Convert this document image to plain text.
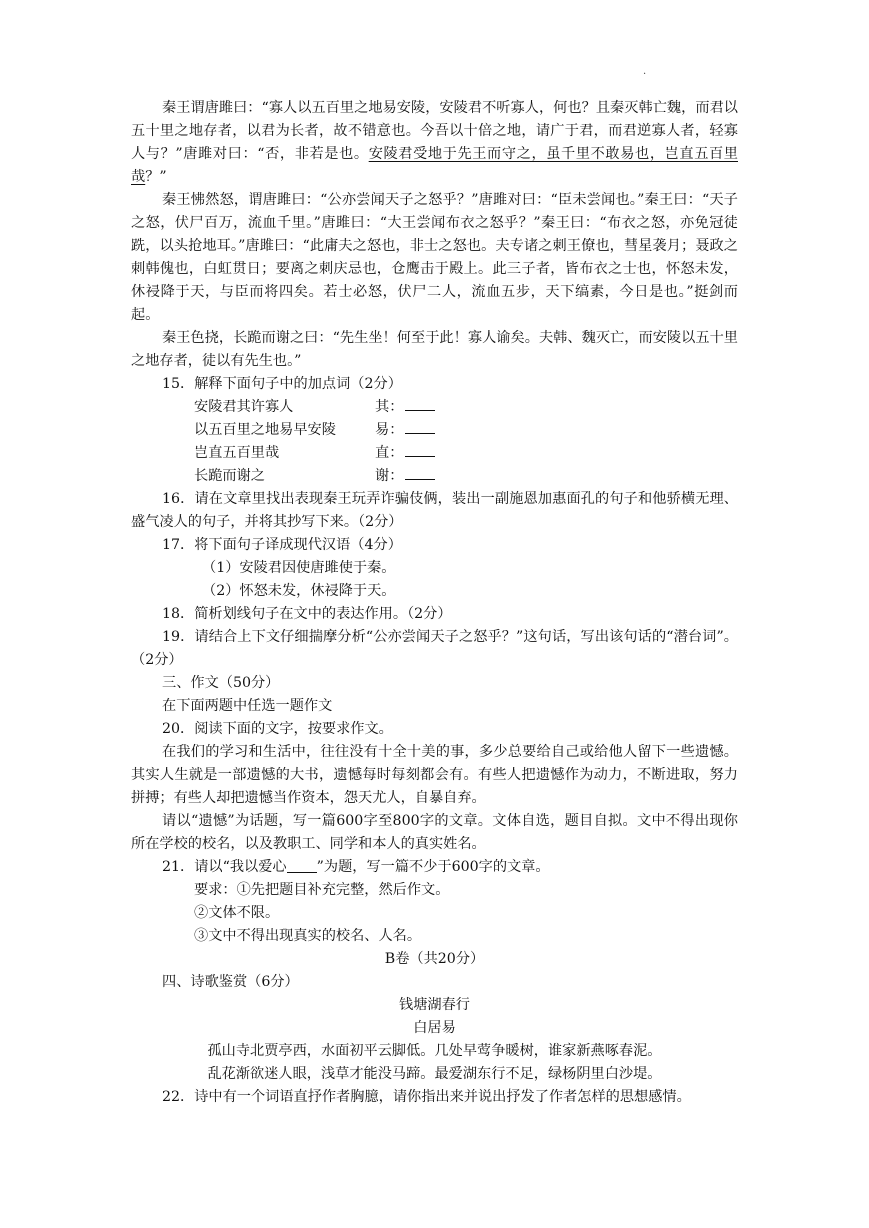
.

秦王谓唐雎曰：“寡人以五百里之地易安陵，安陵君不听寡人，何也？且秦灭韩亡魏，而君以五十里之地存者，以君为长者，故不错意也。今吾以十倍之地，请广于君，而君逆寡人者，轻寡人与？”唐雎对曰：“否，非若是也。安陵君受地于先王而守之，虽千里不敢易也，岂直五百里哉？”

秦王怫然怒，谓唐雎曰：“公亦尝闻天子之怒乎？”唐雎对曰：“臣未尝闻也。”秦王曰：“天子之怒，伏尸百万，流血千里。”唐雎曰：“大王尝闻布衣之怒乎？”秦王曰：“布衣之怒，亦免冠徒跣，以头抢地耳。”唐雎曰：“此庸夫之怒也，非士之怒也。夫专诸之刺王僚也，彗星袭月；聂政之刺韩傀也，白虹贯日；要离之刺庆忌也，仓鹰击于殿上。此三子者，皆布衣之士也，怀怒未发，休祲降于天，与臣而将四矣。若士必怒，伏尸二人，流血五步，天下缟素，今日是也。”挺剑而起。

秦王色挠，长跪而谢之曰：“先生坐！何至于此！寡人谕矣。夫韩、魏灭亡，而安陵以五十里之地存者，徒以有先生也。”

15．解释下面句子中的加点词（2分）

安陵君其许寡人	其：
以五百里之地易早安陵	易：
岂直五百里哉	直：
长跪而谢之	谢：

16．请在文章里找出表现秦王玩弄诈骗伎俩，装出一副施恩加惠面孔的句子和他骄横无理、盛气凌人的句子，并将其抄写下来。（2分）

17．将下面句子译成现代汉语（4分）

（1）安陵君因使唐雎使于秦。

（2）怀怒未发，休祲降于天。

18．简析划线句子在文中的表达作用。（2分）

19．请结合上下文仔细揣摩分析“公亦尝闻天子之怒乎？”这句话，写出该句话的“潜台词”。（2分）

三、作文（50分）

在下面两题中任选一题作文

20．阅读下面的文字，按要求作文。

在我们的学习和生活中，往往没有十全十美的事，多少总要给自己或给他人留下一些遗憾。其实人生就是一部遗憾的大书，遗憾每时每刻都会有。有些人把遗憾作为动力，不断进取，努力拼搏；有些人却把遗憾当作资本，怨天尤人，自暴自弃。

请以“遗憾”为话题，写一篇600字至800字的文章。文体自选，题目自拟。文中不得出现你所在学校的校名，以及教职工、同学和本人的真实姓名。

21．请以“我以爱心 ”为题，写一篇不少于600字的文章。

要求：①先把题目补充完整，然后作文。

②文体不限。

③文中不得出现真实的校名、人名。

B卷（共20分）

四、诗歌鉴赏（6分）

钱塘湖春行

白居易

孤山寺北贾亭西，水面初平云脚低。几处早莺争暖树，谁家新燕啄春泥。

乱花渐欲迷人眼，浅草才能没马蹄。最爱湖东行不足，绿杨阴里白沙堤。

22．诗中有一个词语直抒作者胸臆，请你指出来并说出抒发了作者怎样的思想感情。
